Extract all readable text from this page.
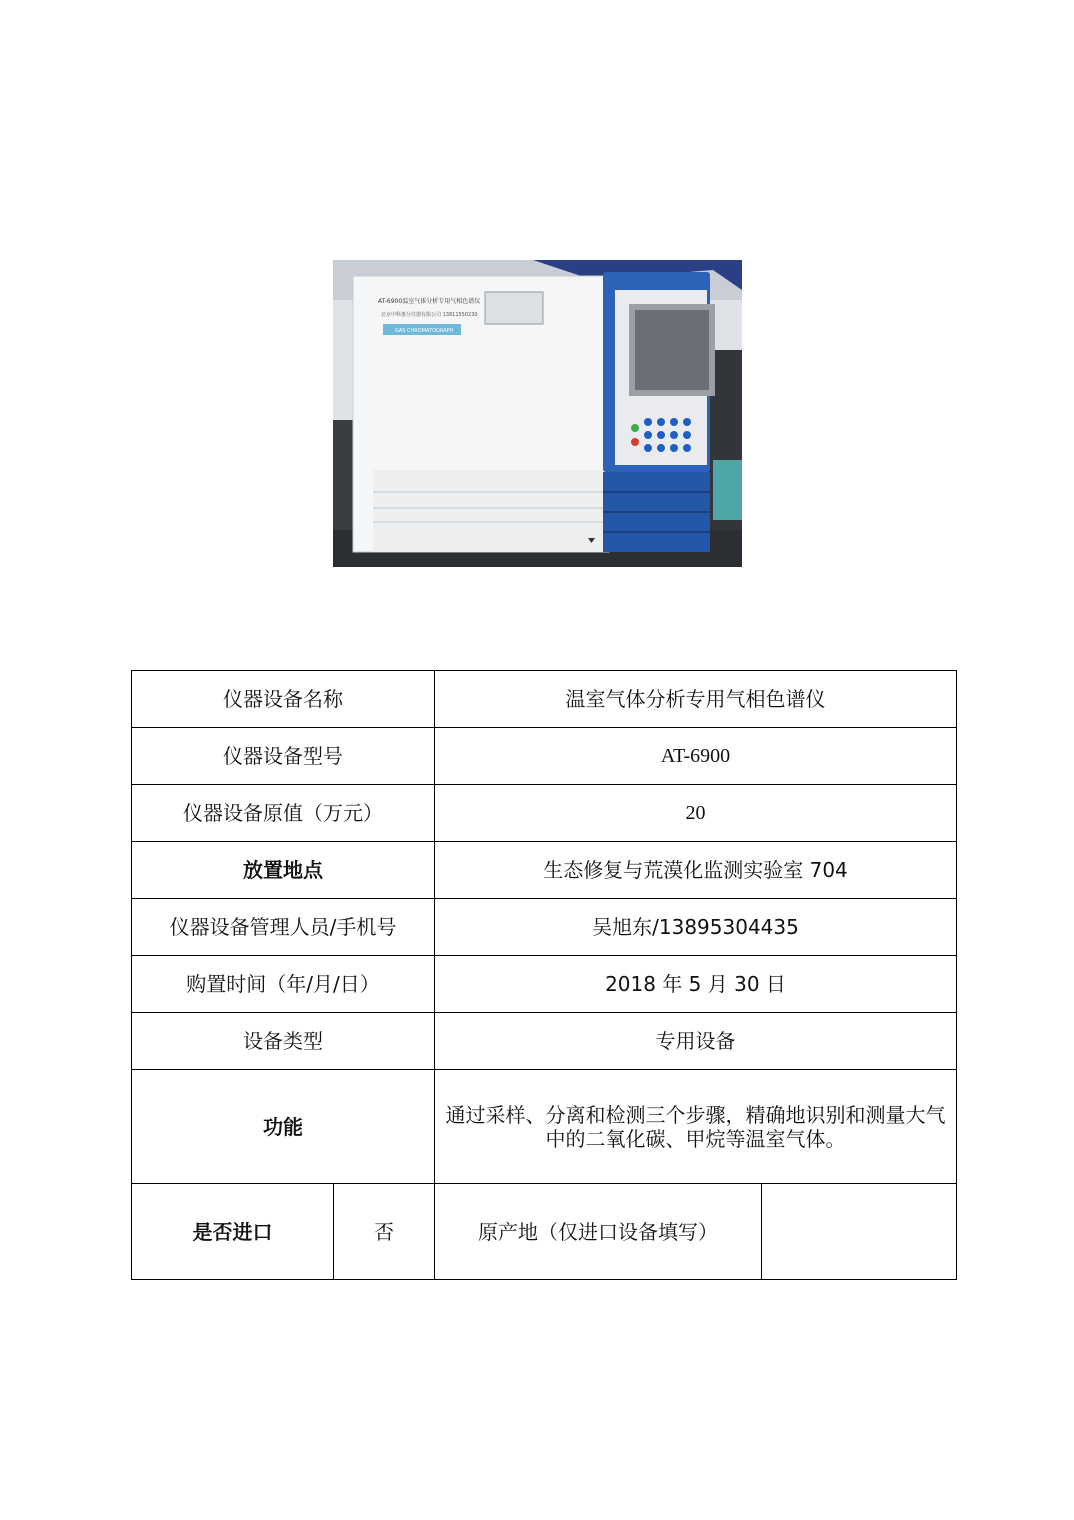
AT-6900温室气体分析专用气相色谱仪
北京中科惠分仪器有限公司 13811550230
GAS CHROMATOGRAPH
仪器设备名称		温室气体分析专用气相色谱仪	
仪器设备型号		AT-6900	
仪器设备原值（万元）		20	
放置地点		生态修复与荒漠化监测实验室 704	
仪器设备管理人员/手机号		吴旭东/13895304435	
购置时间（年/月/日）		2018 年 5 月 30 日	
设备类型		专用设备	
功能		通过采样、分离和检测三个步骤，精确地识别和测量大气中的二氧化碳、甲烷等温室气体。	
是否进口	否	原产地（仅进口设备填写）	
